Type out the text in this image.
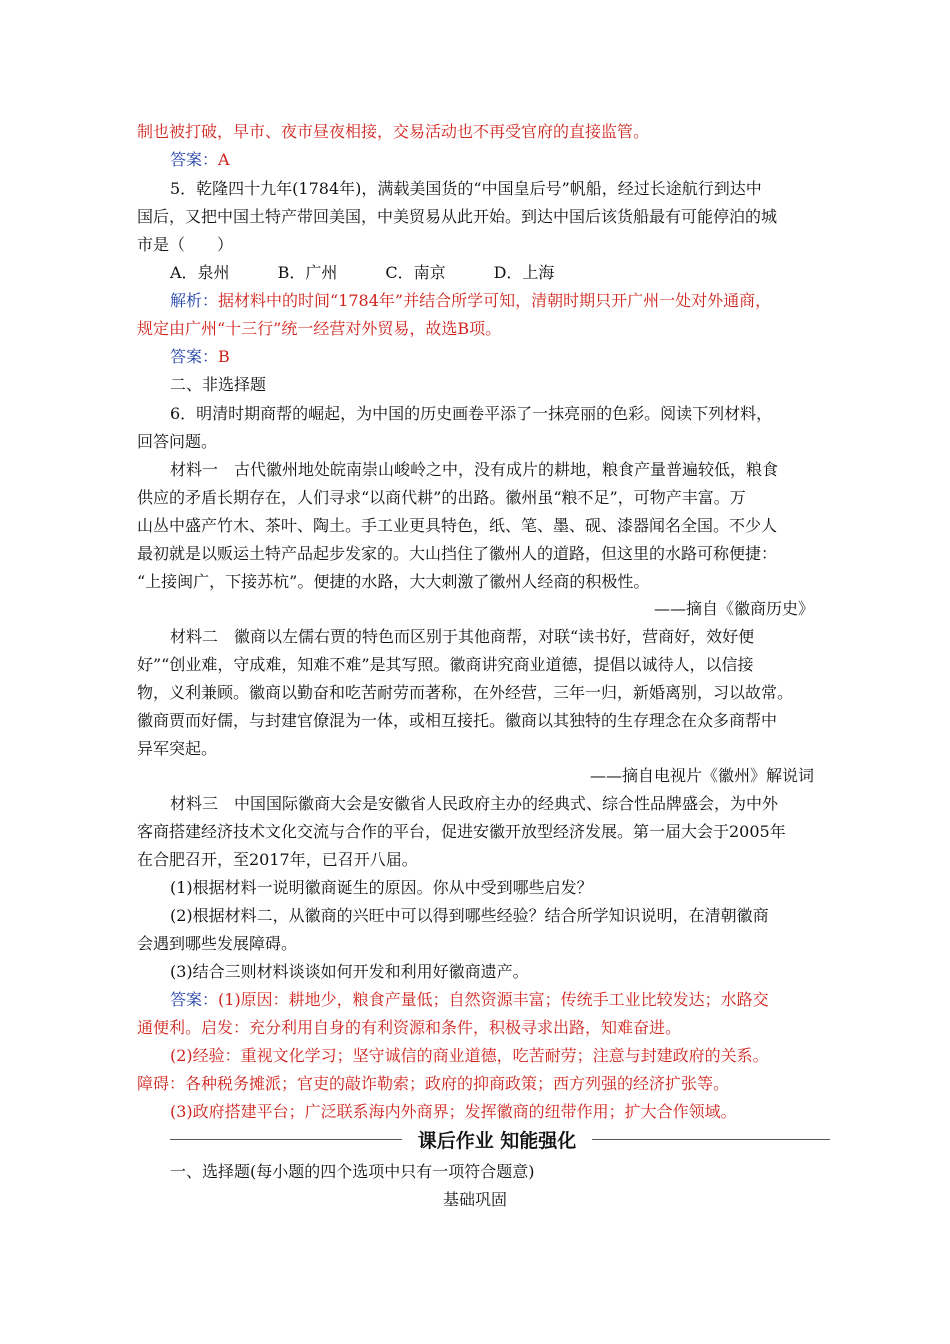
制也被打破，早市、夜市昼夜相接，交易活动也不再受官府的直接监管。
答案：A
5．乾隆四十九年(1784年)，满载美国货的“中国皇后号”帆船，经过长途航行到达中
国后，又把中国土特产带回美国，中美贸易从此开始。到达中国后该货船最有可能停泊的城
市是（　　）
A．泉州	B．广州	C．南京	D．上海
解析：据材料中的时间“1784年”并结合所学可知，清朝时期只开广州一处对外通商，
规定由广州“十三行”统一经营对外贸易，故选B项。
答案：B
二、非选择题
6．明清时期商帮的崛起，为中国的历史画卷平添了一抹亮丽的色彩。阅读下列材料，
回答问题。
材料一　古代徽州地处皖南崇山峻岭之中，没有成片的耕地，粮食产量普遍较低，粮食
供应的矛盾长期存在，人们寻求“以商代耕”的出路。徽州虽“粮不足”，可物产丰富。万
山丛中盛产竹木、茶叶、陶土。手工业更具特色，纸、笔、墨、砚、漆器闻名全国。不少人
最初就是以贩运土特产品起步发家的。大山挡住了徽州人的道路，但这里的水路可称便捷：
“上接闽广，下接苏杭”。便捷的水路，大大刺激了徽州人经商的积极性。
——摘自《徽商历史》
材料二　徽商以左儒右贾的特色而区别于其他商帮，对联“读书好，营商好，效好便
好”“创业难，守成难，知难不难”是其写照。徽商讲究商业道德，提倡以诚待人，以信接
物，义利兼顾。徽商以勤奋和吃苦耐劳而著称，在外经营，三年一归，新婚离别，习以故常。
徽商贾而好儒，与封建官僚混为一体，或相互接托。徽商以其独特的生存理念在众多商帮中
异军突起。
——摘自电视片《徽州》解说词
材料三　中国国际徽商大会是安徽省人民政府主办的经典式、综合性品牌盛会，为中外
客商搭建经济技术文化交流与合作的平台，促进安徽开放型经济发展。第一届大会于2005年
在合肥召开，至2017年，已召开八届。
(1)根据材料一说明徽商诞生的原因。你从中受到哪些启发？
(2)根据材料二，从徽商的兴旺中可以得到哪些经验？结合所学知识说明，在清朝徽商
会遇到哪些发展障碍。
(3)结合三则材料谈谈如何开发和利用好徽商遗产。
答案：(1)原因：耕地少，粮食产量低；自然资源丰富；传统手工业比较发达；水路交
通便利。启发：充分利用自身的有利资源和条件，积极寻求出路，知难奋进。
(2)经验：重视文化学习；坚守诚信的商业道德，吃苦耐劳；注意与封建政府的关系。
障碍：各种税务摊派；官吏的敲诈勒索；政府的抑商政策；西方列强的经济扩张等。
(3)政府搭建平台；广泛联系海内外商界；发挥徽商的纽带作用；扩大合作领域。
课后作业 知能强化
一、选择题(每小题的四个选项中只有一项符合题意)
基础巩固
